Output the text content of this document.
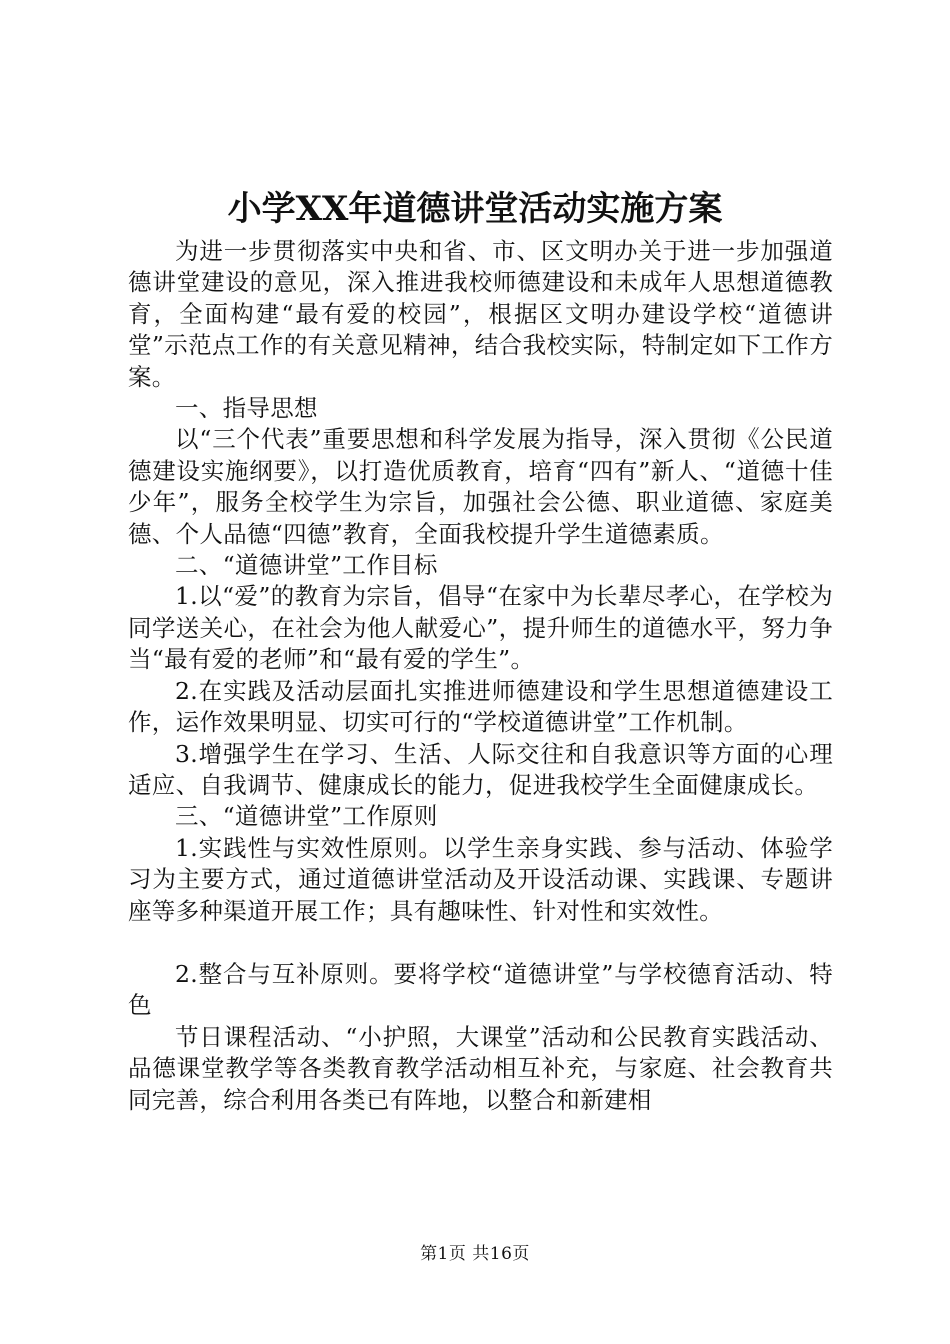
小学XX年道德讲堂活动实施方案

为进一步贯彻落实中央和省、市、区文明办关于进一步加强道德讲堂建设的意见，深入推进我校师德建设和未成年人思想道德教育，全面构建“最有爱的校园”，根据区文明办建设学校“道德讲堂”示范点工作的有关意见精神，结合我校实际，特制定如下工作方案。

一、指导思想

以“三个代表”重要思想和科学发展为指导，深入贯彻《公民道德建设实施纲要》，以打造优质教育，培育“四有”新人、“道德十佳少年”，服务全校学生为宗旨，加强社会公德、职业道德、家庭美德、个人品德“四德”教育，全面我校提升学生道德素质。

二、“道德讲堂”工作目标

1.以“爱”的教育为宗旨，倡导“在家中为长辈尽孝心，在学校为同学送关心，在社会为他人献爱心”，提升师生的道德水平，努力争当“最有爱的老师”和“最有爱的学生”。

2.在实践及活动层面扎实推进师德建设和学生思想道德建设工作，运作效果明显、切实可行的“学校道德讲堂”工作机制。

3.增强学生在学习、生活、人际交往和自我意识等方面的心理适应、自我调节、健康成长的能力，促进我校学生全面健康成长。

三、“道德讲堂”工作原则

1.实践性与实效性原则。以学生亲身实践、参与活动、体验学习为主要方式，通过道德讲堂活动及开设活动课、实践课、专题讲座等多种渠道开展工作；具有趣味性、针对性和实效性。

2.整合与互补原则。要将学校“道德讲堂”与学校德育活动、特色

节日课程活动、“小护照，大课堂”活动和公民教育实践活动、品德课堂教学等各类教育教学活动相互补充，与家庭、社会教育共同完善，综合利用各类已有阵地，以整合和新建相

第1页 共16页
